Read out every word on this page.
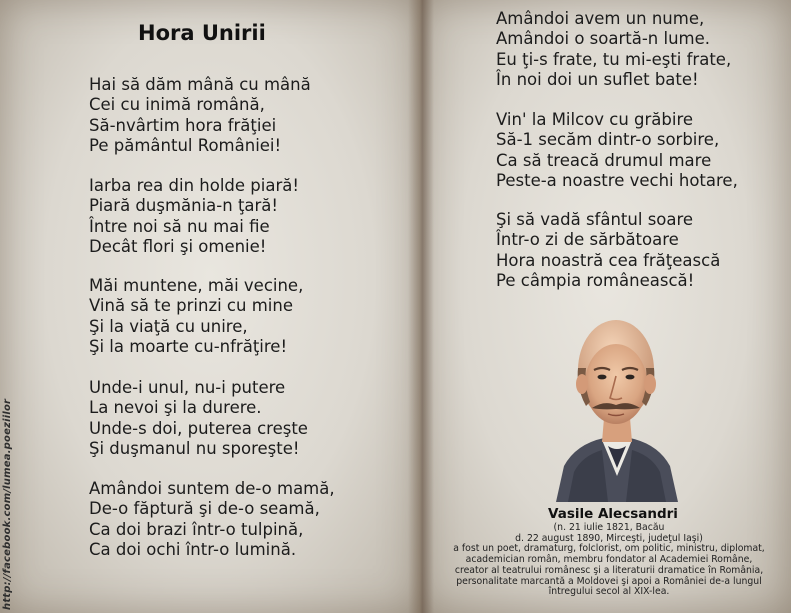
http://facebook.com/lumea.poeziilor
Hora Unirii
Hai să dăm mână cu mână
Cei cu inimă română,
Să-nvârtim hora frăţiei
Pe pământul României!
Iarba rea din holde piară!
Piară duşmănia-n ţară!
Între noi să nu mai fie
Decât flori şi omenie!
Măi muntene, măi vecine,
Vină să te prinzi cu mine
Şi la viaţă cu unire,
Şi la moarte cu-nfrăţire!
Unde-i unul, nu-i putere
La nevoi şi la durere.
Unde-s doi, puterea creşte
Şi duşmanul nu sporeşte!
Amândoi suntem de-o mamă,
De-o făptură şi de-o seamă,
Ca doi brazi într-o tulpină,
Ca doi ochi într-o lumină.
Amândoi avem un nume,
Amândoi o soartă-n lume.
Eu ţi-s frate, tu mi-eşti frate,
În noi doi un suflet bate!
Vin' la Milcov cu grăbire
Să-1 secăm dintr-o sorbire,
Ca să treacă drumul mare
Peste-a noastre vechi hotare,
Şi să vadă sfântul soare
Într-o zi de sărbătoare
Hora noastră cea frăţească
Pe câmpia românească!
Vasile Alecsandri
(n. 21 iulie 1821, Bacău
d. 22 august 1890, Mirceşti, judeţul Iaşi)
a fost un poet, dramaturg, folclorist, om politic, ministru, diplomat,
academician român, membru fondator al Academiei Române,
creator al teatrului românesc şi a literaturii dramatice în România,
personalitate marcantă a Moldovei şi apoi a României de-a lungul
întregului secol al XIX-lea.
